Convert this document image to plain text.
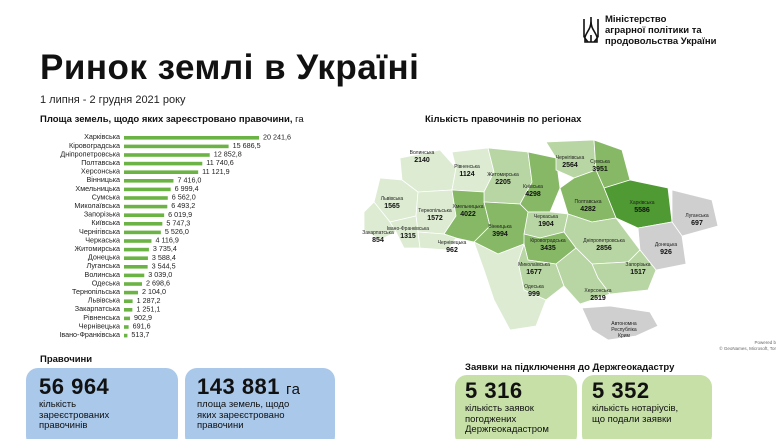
Міністерство
аграрної політики та
продовольства України
Ринок землі в Україні
1 липня - 2 грудня 2021 року
Площа земель, щодо яких зареєстровано правочини, га	Кількість правочинів по регіонах
Харківська	20 241,6
Кіровоградська	15 686,5
Дніпропетровська	12 852,8
Полтавська	11 740,6
Херсонська	11 121,9
Вінницька	7 416,0
Хмельницька	6 999,4
Сумська	6 562,0
Миколаївська	6 493,2
Запорізька	6 019,9
Київська	5 747,3
Чернігівська	5 526,0
Черкаська	4 116,9
Житомирська	3 735,4
Донецька	3 588,4
Луганська	3 544,5
Волинська	3 039,0
Одеська	2 698,6
Тернопільська	2 104,0
Львівська 1 287,2
Закарпатська 1 251,1
Рівненська 902,9
Чернівецька 691,6
Івано-Франківська 513,7
Волинська
2140
Рівненська
1124	Житомирська
2205
Київська
4298
Чернігівська
2564 Сумська
3951
Харківська
5586
Полтавська
4282
Луганська
697
Донецька
926
Львівська
1565
Тернопільська
1572
Хмельницька
4022
Вінницька
3994
Черкаська
1904
Кіровоградська
3435
Дніпропетровська
2856
Закарпатська
854
Івано-Франківська
1315
Чернівецька
962
Запорізька
1517
Миколаївська
1677
Херсонська
2519
Одеська
999
Автономна
Республіка
Крим
Powered b
© GeoNames, Microsoft, Tor
Правочини
56 964
кількість
зареєстрованих
правочинів
143 881 га
площа земель, щодо
яких зареєстровано
правочини
Заявки на підключення до Держгеокадастру
5 316
кількість заявок
погоджених
Держгеокадастром
5 352
кількість нотаріусів,
що подали заявки
